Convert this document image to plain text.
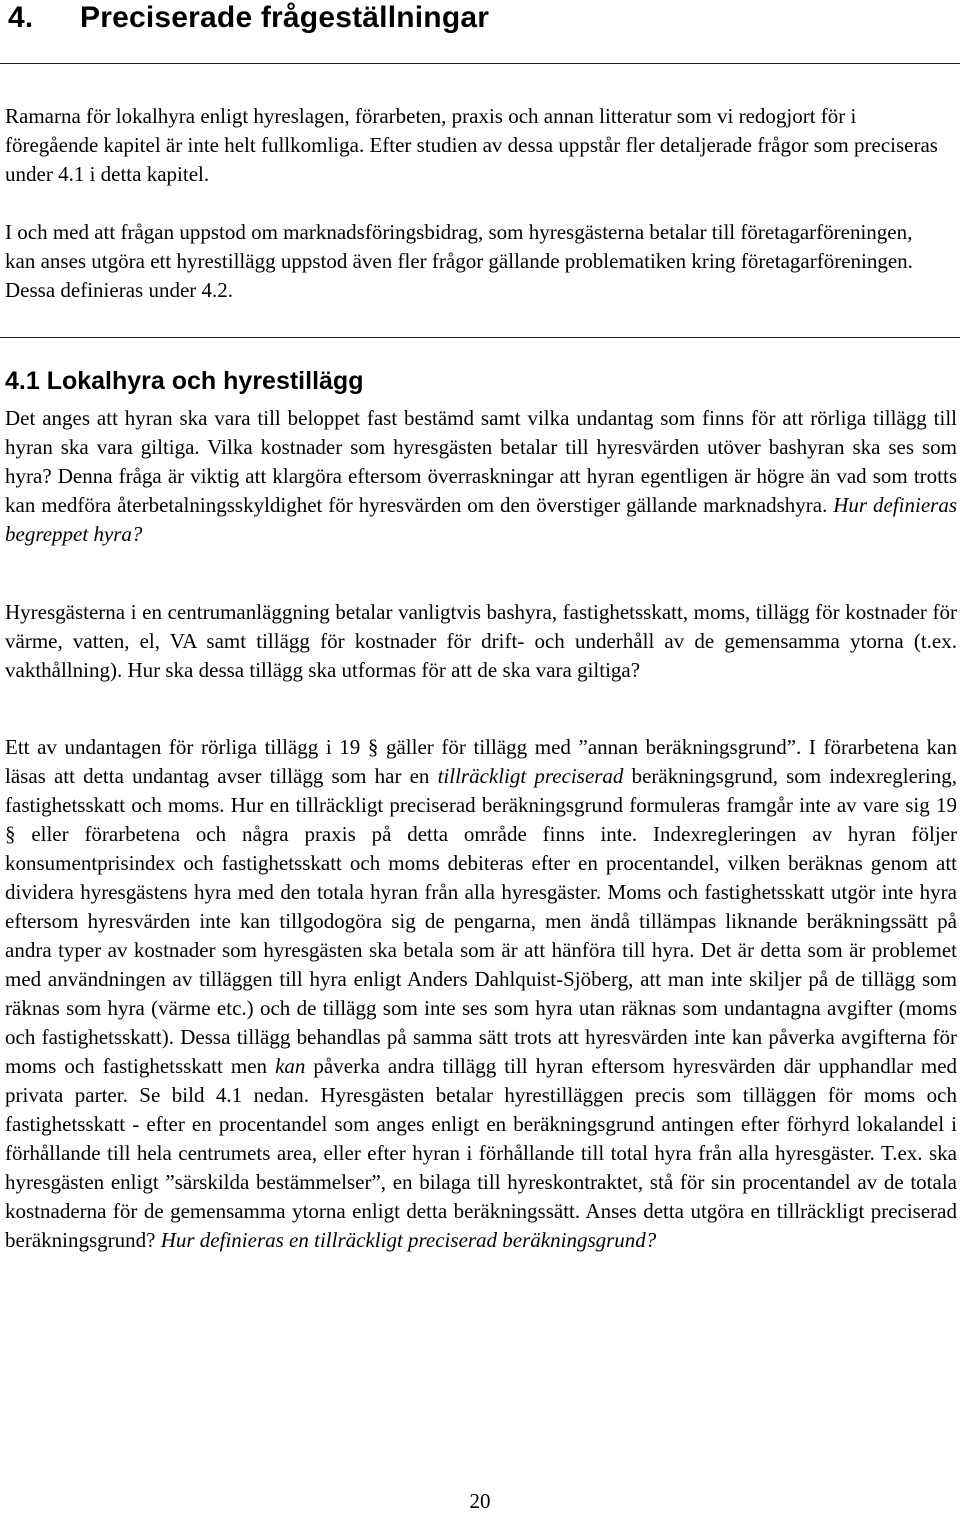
4. Preciserade frågeställningar

Ramarna för lokalhyra enligt hyreslagen, förarbeten, praxis och annan litteratur som vi redogjort för i föregående kapitel är inte helt fullkomliga. Efter studien av dessa uppstår fler detaljerade frågor som preciseras under 4.1 i detta kapitel.

I och med att frågan uppstod om marknadsföringsbidrag, som hyresgästerna betalar till företagarföreningen, kan anses utgöra ett hyrestillägg uppstod även fler frågor gällande problematiken kring företagarföreningen. Dessa definieras under 4.2.

4.1 Lokalhyra och hyrestillägg

Det anges att hyran ska vara till beloppet fast bestämd samt vilka undantag som finns för att rörliga tillägg till hyran ska vara giltiga. Vilka kostnader som hyresgästen betalar till hyresvärden utöver bashyran ska ses som hyra? Denna fråga är viktig att klargöra eftersom överraskningar att hyran egentligen är högre än vad som trotts kan medföra återbetalningsskyldighet för hyresvärden om den överstiger gällande marknadshyra. Hur definieras begreppet hyra?

Hyresgästerna i en centrumanläggning betalar vanligtvis bashyra, fastighetsskatt, moms, tillägg för kostnader för värme, vatten, el, VA samt tillägg för kostnader för drift- och underhåll av de gemensamma ytorna (t.ex. vakthållning). Hur ska dessa tillägg ska utformas för att de ska vara giltiga?

Ett av undantagen för rörliga tillägg i 19 § gäller för tillägg med ”annan beräkningsgrund”. I förarbetena kan läsas att detta undantag avser tillägg som har en tillräckligt preciserad beräkningsgrund, som indexreglering, fastighetsskatt och moms. Hur en tillräckligt preciserad beräkningsgrund formuleras framgår inte av vare sig 19 § eller förarbetena och några praxis på detta område finns inte. Indexregleringen av hyran följer konsumentprisindex och fastighetsskatt och moms debiteras efter en procentandel, vilken beräknas genom att dividera hyresgästens hyra med den totala hyran från alla hyresgäster. Moms och fastighetsskatt utgör inte hyra eftersom hyresvärden inte kan tillgodogöra sig de pengarna, men ändå tillämpas liknande beräkningssätt på andra typer av kostnader som hyresgästen ska betala som är att hänföra till hyra. Det är detta som är problemet med användningen av tilläggen till hyra enligt Anders Dahlquist-Sjöberg, att man inte skiljer på de tillägg som räknas som hyra (värme etc.) och de tillägg som inte ses som hyra utan räknas som undantagna avgifter (moms och fastighetsskatt). Dessa tillägg behandlas på samma sätt trots att hyresvärden inte kan påverka avgifterna för moms och fastighetsskatt men kan påverka andra tillägg till hyran eftersom hyresvärden där upphandlar med privata parter. Se bild 4.1 nedan. Hyresgästen betalar hyrestilläggen precis som tilläggen för moms och fastighetsskatt - efter en procentandel som anges enligt en beräkningsgrund antingen efter förhyrd lokalandel i förhållande till hela centrumets area, eller efter hyran i förhållande till total hyra från alla hyresgäster. T.ex. ska hyresgästen enligt ”särskilda bestämmelser”, en bilaga till hyreskontraktet, stå för sin procentandel av de totala kostnaderna för de gemensamma ytorna enligt detta beräkningssätt. Anses detta utgöra en tillräckligt preciserad beräkningsgrund? Hur definieras en tillräckligt preciserad beräkningsgrund?

20
